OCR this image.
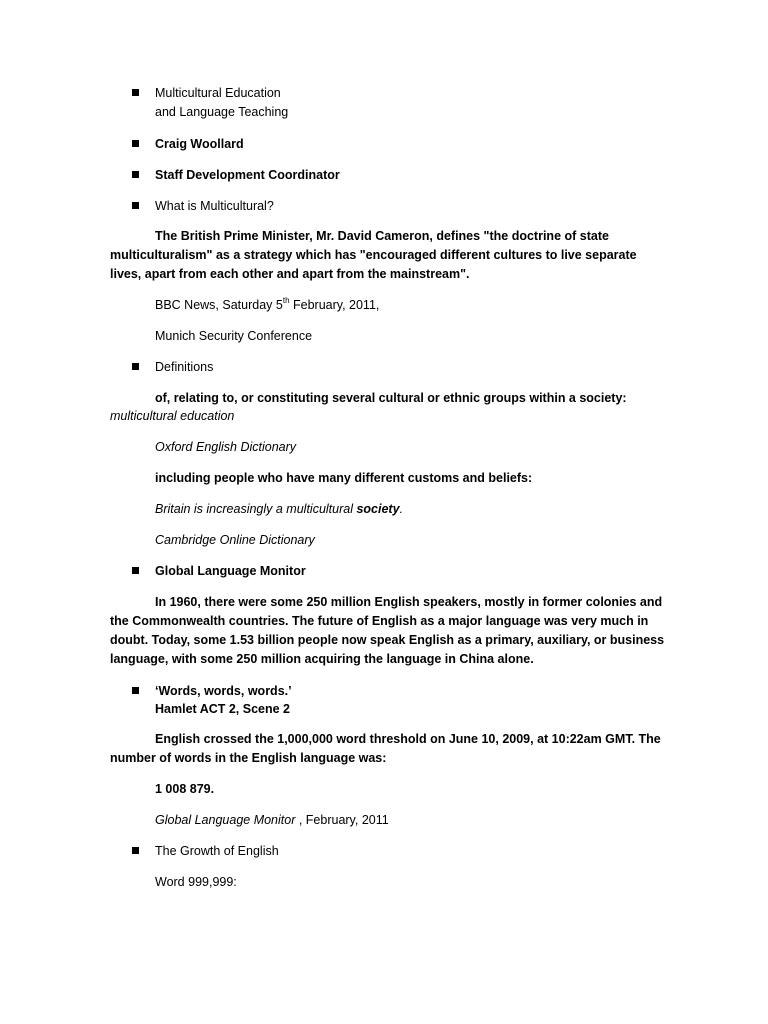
Multicultural Education
and Language Teaching
Craig Woollard
Staff Development Coordinator
What is Multicultural?
The British Prime Minister, Mr. David Cameron, defines "the doctrine of state
multiculturalism" as a strategy which has "encouraged different cultures to live separate
lives, apart from each other and apart from the mainstream".
BBC News, Saturday 5th February, 2011,
Munich Security Conference
Definitions
of, relating to, or constituting several cultural or ethnic groups within a society:
multicultural education
Oxford English Dictionary
including people who have many different customs and beliefs:
Britain is increasingly a multicultural society.
Cambridge Online Dictionary
Global Language Monitor
In 1960, there were some 250 million English speakers, mostly in former colonies and
the Commonwealth countries. The future of English as a major language was very much in
doubt. Today, some 1.53 billion people now speak English as a primary, auxiliary, or business
language, with some 250 million acquiring the language in China alone.
‘Words, words, words.’
Hamlet ACT 2, Scene 2
English crossed the 1,000,000 word threshold on June 10, 2009, at 10:22am GMT. The
number of words in the English language was:
1 008 879.
Global Language Monitor , February, 2011
The Growth of English
Word 999,999:
